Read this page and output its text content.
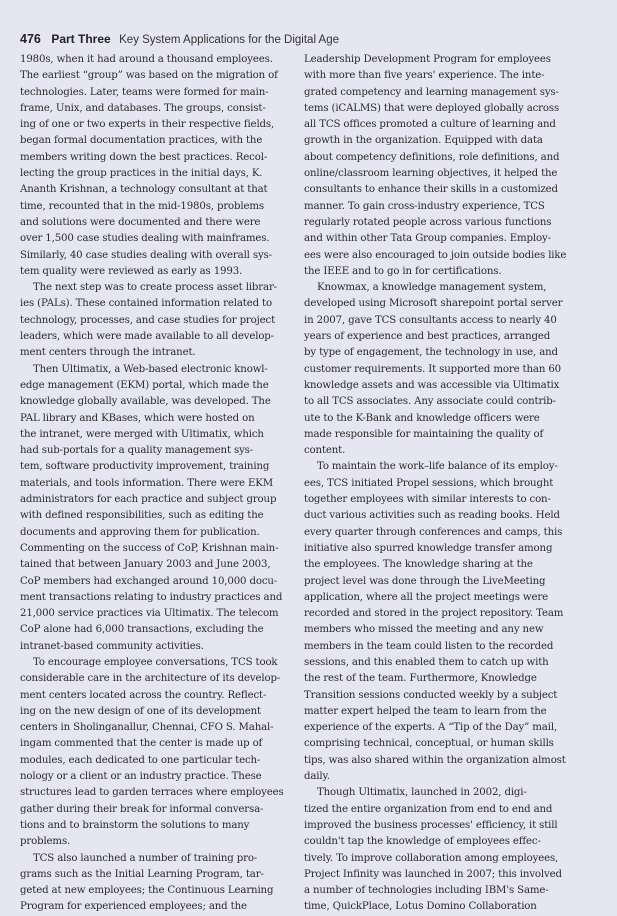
476 Part Three Key System Applications for the Digital Age
1980s, when it had around a thousand employees.
The earliest “group” was based on the migration of
technologies. Later, teams were formed for main-
frame, Unix, and databases. The groups, consist-
ing of one or two experts in their respective fields,
began formal documentation practices, with the
members writing down the best practices. Recol-
lecting the group practices in the initial days, K.
Ananth Krishnan, a technology consultant at that
time, recounted that in the mid-1980s, problems
and solutions were documented and there were
over 1,500 case studies dealing with mainframes.
Similarly, 40 case studies dealing with overall sys-
tem quality were reviewed as early as 1993.
The next step was to create process asset librar-
ies (PALs). These contained information related to
technology, processes, and case studies for project
leaders, which were made available to all develop-
ment centers through the intranet.
Then Ultimatix, a Web-based electronic knowl-
edge management (EKM) portal, which made the
knowledge globally available, was developed. The
PAL library and KBases, which were hosted on
the intranet, were merged with Ultimatix, which
had sub-portals for a quality management sys-
tem, software productivity improvement, training
materials, and tools information. There were EKM
administrators for each practice and subject group
with defined responsibilities, such as editing the
documents and approving them for publication.
Commenting on the success of CoP, Krishnan main-
tained that between January 2003 and June 2003,
CoP members had exchanged around 10,000 docu-
ment transactions relating to industry practices and
21,000 service practices via Ultimatix. The telecom
CoP alone had 6,000 transactions, excluding the
intranet-based community activities.
To encourage employee conversations, TCS took
considerable care in the architecture of its develop-
ment centers located across the country. Reflect-
ing on the new design of one of its development
centers in Sholinganallur, Chennai, CFO S. Mahal-
ingam commented that the center is made up of
modules, each dedicated to one particular tech-
nology or a client or an industry practice. These
structures lead to garden terraces where employees
gather during their break for informal conversa-
tions and to brainstorm the solutions to many
problems.
TCS also launched a number of training pro-
grams such as the Initial Learning Program, tar-
geted at new employees; the Continuous Learning
Program for experienced employees; and the
Leadership Development Program for employees
with more than five years' experience. The inte-
grated competency and learning management sys-
tems (iCALMS) that were deployed globally across
all TCS offices promoted a culture of learning and
growth in the organization. Equipped with data
about competency definitions, role definitions, and
online/classroom learning objectives, it helped the
consultants to enhance their skills in a customized
manner. To gain cross-industry experience, TCS
regularly rotated people across various functions
and within other Tata Group companies. Employ-
ees were also encouraged to join outside bodies like
the IEEE and to go in for certifications.
Knowmax, a knowledge management system,
developed using Microsoft sharepoint portal server
in 2007, gave TCS consultants access to nearly 40
years of experience and best practices, arranged
by type of engagement, the technology in use, and
customer requirements. It supported more than 60
knowledge assets and was accessible via Ultimatix
to all TCS associates. Any associate could contrib-
ute to the K-Bank and knowledge officers were
made responsible for maintaining the quality of
content.
To maintain the work–life balance of its employ-
ees, TCS initiated Propel sessions, which brought
together employees with similar interests to con-
duct various activities such as reading books. Held
every quarter through conferences and camps, this
initiative also spurred knowledge transfer among
the employees. The knowledge sharing at the
project level was done through the LiveMeeting
application, where all the project meetings were
recorded and stored in the project repository. Team
members who missed the meeting and any new
members in the team could listen to the recorded
sessions, and this enabled them to catch up with
the rest of the team. Furthermore, Knowledge
Transition sessions conducted weekly by a subject
matter expert helped the team to learn from the
experience of the experts. A “Tip of the Day” mail,
comprising technical, conceptual, or human skills
tips, was also shared within the organization almost
daily.
Though Ultimatix, launched in 2002, digi-
tized the entire organization from end to end and
improved the business processes' efficiency, it still
couldn't tap the knowledge of employees effec-
tively. To improve collaboration among employees,
Project Infinity was launched in 2007; this involved
a number of technologies including IBM's Same-
time, QuickPlace, Lotus Domino Collaboration
